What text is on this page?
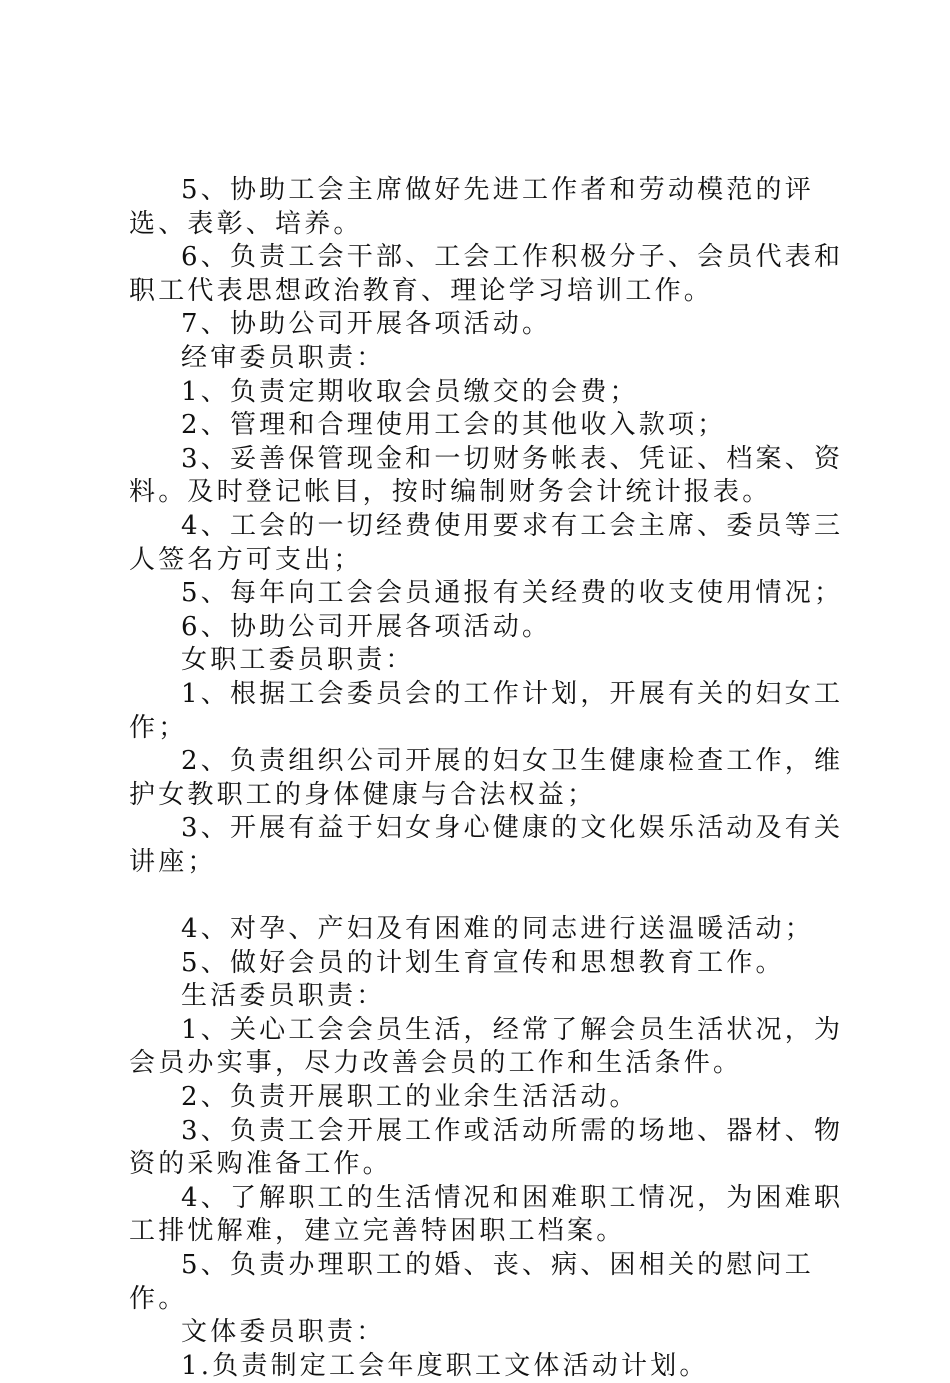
5、协助工会主席做好先进工作者和劳动模范的评选、表彰、培养。

6、负责工会干部、工会工作积极分子、会员代表和职工代表思想政治教育、理论学习培训工作。

7、协助公司开展各项活动。

经审委员职责：

1、负责定期收取会员缴交的会费；

2、管理和合理使用工会的其他收入款项；

3、妥善保管现金和一切财务帐表、凭证、档案、资料。及时登记帐目，按时编制财务会计统计报表。

4、工会的一切经费使用要求有工会主席、委员等三人签名方可支出；

5、每年向工会会员通报有关经费的收支使用情况；

6、协助公司开展各项活动。

女职工委员职责：

1、根据工会委员会的工作计划，开展有关的妇女工作；

2、负责组织公司开展的妇女卫生健康检查工作，维护女教职工的身体健康与合法权益；

3、开展有益于妇女身心健康的文化娱乐活动及有关讲座；

4、对孕、产妇及有困难的同志进行送温暖活动；

5、做好会员的计划生育宣传和思想教育工作。

生活委员职责：

1、关心工会会员生活，经常了解会员生活状况，为会员办实事，尽力改善会员的工作和生活条件。

2、负责开展职工的业余生活活动。

3、负责工会开展工作或活动所需的场地、器材、物资的采购准备工作。

4、了解职工的生活情况和困难职工情况，为困难职工排忧解难，建立完善特困职工档案。

5、负责办理职工的婚、丧、病、困相关的慰问工作。

文体委员职责：

1.负责制定工会年度职工文体活动计划。
